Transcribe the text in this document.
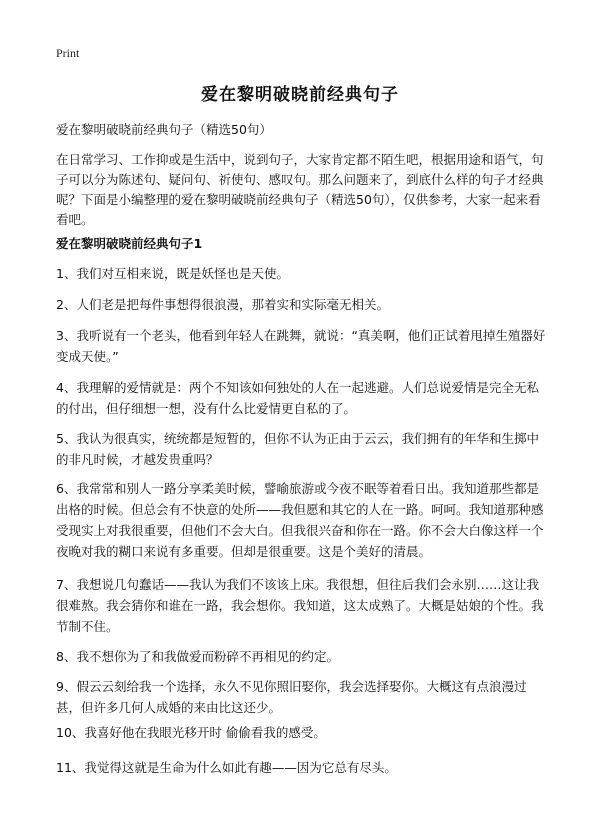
Print
爱在黎明破晓前经典句子
爱在黎明破晓前经典句子（精选50句）
在日常学习、工作抑或是生活中，说到句子，大家肯定都不陌生吧，根据用途和语气，句子可以分为陈述句、疑问句、祈使句、感叹句。那么问题来了，到底什么样的句子才经典呢？下面是小编整理的爱在黎明破晓前经典句子（精选50句），仅供参考，大家一起来看看吧。
爱在黎明破晓前经典句子1
1、我们对互相来说，既是妖怪也是天使。
2、人们老是把每件事想得很浪漫，那着实和实际毫无相关。
3、我听说有一个老头，他看到年轻人在跳舞，就说：“真美啊，他们正试着甩掉生殖器好变成天使。”
4、我理解的爱情就是：两个不知该如何独处的人在一起逃避。人们总说爱情是完全无私的付出，但仔细想一想，没有什么比爱情更自私的了。
5、我认为很真实，统统都是短暂的，但你不认为正由于云云，我们拥有的年华和生掷中的非凡时候，才越发贵重吗？
6、我常常和别人一路分享柔美时候，譬喻旅游或今夜不眠等着看日出。我知道那些都是出格的时候。但总会有不快意的处所——我但愿和其它的人在一路。呵呵。我知道那种感受现实上对我很重要，但他们不会大白。但我很兴奋和你在一路。你不会大白像这样一个夜晚对我的糊口来说有多重要。但却是很重要。这是个美好的清晨。
7、我想说几句蠢话——我认为我们不该该上床。我很想，但往后我们会永别……这让我很难熬。我会猜你和谁在一路，我会想你。我知道，这太成熟了。大概是姑娘的个性。我节制不住。
8、我不想你为了和我做爱而粉碎不再相见的约定。
9、假云云刻给我一个选择，永久不见你照旧娶你，我会选择娶你。大概这有点浪漫过甚，但许多几何人成婚的来由比这还少。
10、我喜好他在我眼光移开时 偷偷看我的感受。
11、我觉得这就是生命为什么如此有趣——因为它总有尽头。
